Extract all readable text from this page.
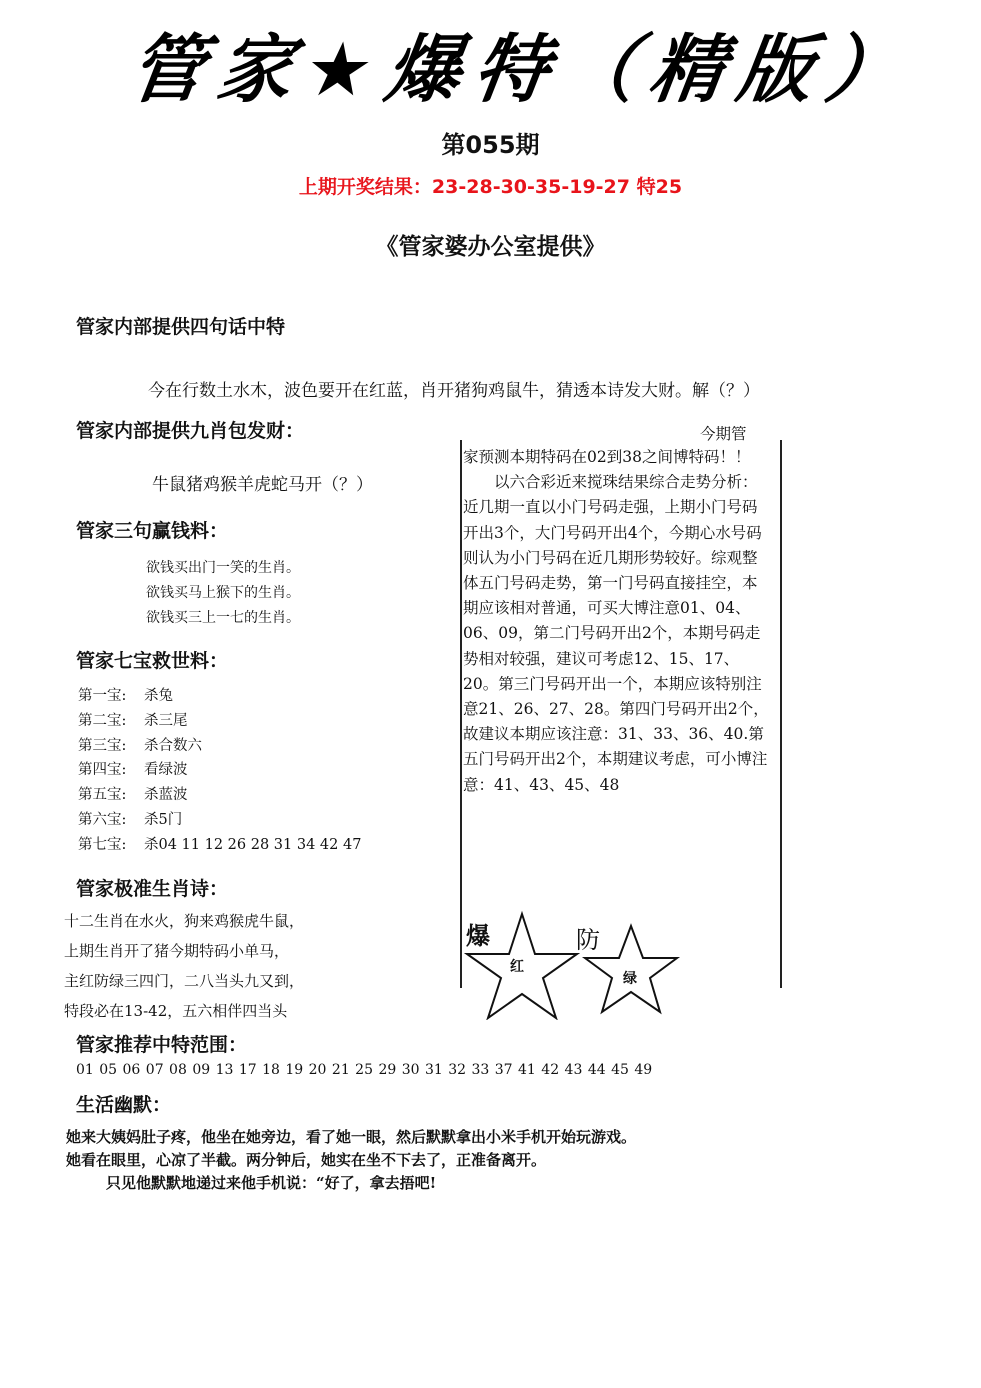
管家★爆特（精版）
第055期
上期开奖结果：23-28-30-35-19-27 特25
《管家婆办公室提供》
管家内部提供四句话中特
今在行数土水木，波色要开在红蓝，肖开猪狗鸡鼠牛，猜透本诗发大财。解（？）
管家内部提供九肖包发财：
牛鼠猪鸡猴羊虎蛇马开（？）
管家三句赢钱料：
欲钱买出门一笑的生肖。
欲钱买马上猴下的生肖。
欲钱买三上一七的生肖。
管家七宝救世料：
第一宝: 杀兔
第二宝: 杀三尾
第三宝: 杀合数六
第四宝: 看绿波
第五宝: 杀蓝波
第六宝: 杀5门
第七宝: 杀04 11 12 26 28 31 34 42 47
管家极准生肖诗：
十二生肖在水火，狗来鸡猴虎牛鼠，
上期生肖开了猪今期特码小单马，
主红防绿三四门，二八当头九又到，
特段必在13-42，五六相伴四当头
今期管

家预测本期特码在02到38之间博特码！！

以六合彩近来搅珠结果综合走势分析：近几期一直以小门号码走强，上期小门号码开出3个，大门号码开出4个，今期心水号码则认为小门号码在近几期形势较好。综观整体五门号码走势，第一门号码直接挂空，本期应该相对普通，可买大博注意01、04、06、09，第二门号码开出2个，本期号码走势相对较强，建议可考虑12、15、17、20。第三门号码开出一个，本期应该特别注意21、26、27、28。第四门号码开出2个，故建议本期应该注意：31、33、36、40.第五门号码开出2个，本期建议考虑，可小博注意：41、43、45、48

爆	防
红
绿
管家推荐中特范围：
01 05 06 07 08 09 13 17 18 19 20 21 25 29 30 31 32 33 37 41 42 43 44 45 49
生活幽默：
她来大姨妈肚子疼，他坐在她旁边，看了她一眼，然后默默拿出小米手机开始玩游戏。
她看在眼里，心凉了半截。两分钟后，她实在坐不下去了，正准备离开。
只见他默默地递过来他手机说：“好了，拿去捂吧!
